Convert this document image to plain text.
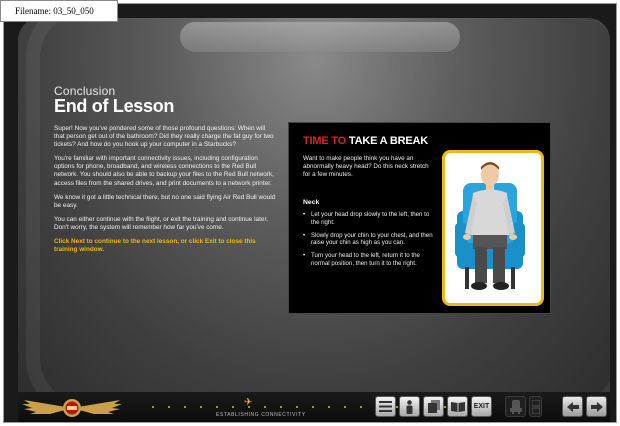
Conclusion
End of Lesson

Super! Now you've pondered some of those profound questions: When will that person get out of the bathroom? Did they really charge the fat guy for two tickets? And how do you hook up your computer in a Starbucks?

You're familiar with important connectivity issues, including configuration options for phone, broadband, and wireless connections to the Red Bull network. You should also be able to backup your files to the Red Bull network, access files from the shared drives, and print documents to a network printer.

We know it got a little technical there, but no one said flying Air Red Bull would be easy.

You can either continue with the flight, or exit the training and continue later. Don't worry, the system will remember how far you've come.

Click Next to continue to the next lesson, or click Exit to close this training window.

TIME TO TAKE A BREAK
Want to make people think you have an abnormally heavy head? Do this neck stretch for a few minutes.
Neck
• Let your head drop slowly to the left, then to the right.
• Slowly drop your chin to your chest, and then raise your chin as high as you can.
• Turn your head to the left, return it to the normal position, then turn it to the right.
✈
ESTABLISHING CONNECTIVITY
EXIT
Filename: 03_50_050
